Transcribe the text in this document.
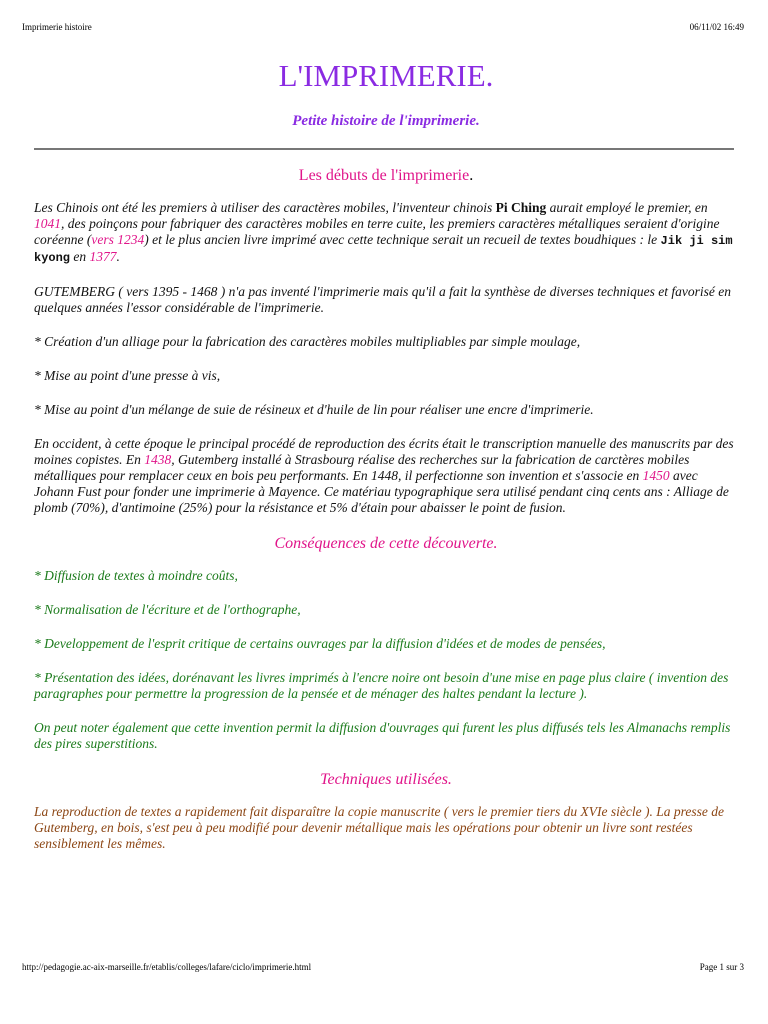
Imprimerie histoire	06/11/02 16:49
L'IMPRIMERIE.
Petite histoire de l'imprimerie.
Les débuts de l'imprimerie.

Les Chinois ont été les premiers à utiliser des caractères mobiles, l'inventeur chinois Pi Ching aurait employé le premier, en 1041, des poinçons pour fabriquer des caractères mobiles en terre cuite, les premiers caractères métalliques seraient d'origine coréenne (vers 1234) et le plus ancien livre imprimé avec cette technique serait un recueil de textes boudhiques : le Jik ji sim kyong en 1377.

GUTEMBERG ( vers 1395 - 1468 ) n'a pas inventé l'imprimerie mais qu'il a fait la synthèse de diverses techniques et favorisé en quelques années l'essor considérable de l'imprimerie.

* Création d'un alliage pour la fabrication des caractères mobiles multipliables par simple moulage,

* Mise au point d'une presse à vis,

* Mise au point d'un mélange de suie de résineux et d'huile de lin pour réaliser une encre d'imprimerie.

En occident, à cette époque le principal procédé de reproduction des écrits était le transcription manuelle des manuscrits par des moines copistes. En 1438, Gutemberg installé à Strasbourg réalise des recherches sur la fabrication de carctères mobiles métalliques pour remplacer ceux en bois peu performants. En 1448, il perfectionne son invention et s'associe en 1450 avec Johann Fust pour fonder une imprimerie à Mayence. Ce matériau typographique sera utilisé pendant cinq cents ans : Alliage de plomb (70%), d'antimoine (25%) pour la résistance et 5% d'étain pour abaisser le point de fusion.

Conséquences de cette découverte.

* Diffusion de textes à moindre coûts,

* Normalisation de l'écriture et de l'orthographe,

* Developpement de l'esprit critique de certains ouvrages par la diffusion d'idées et de modes de pensées,

* Présentation des idées, dorénavant les livres imprimés à l'encre noire ont besoin d'une mise en page plus claire ( invention des paragraphes pour permettre la progression de la pensée et de ménager des haltes pendant la lecture ).

On peut noter également que cette invention permit la diffusion d'ouvrages qui furent les plus diffusés tels les Almanachs remplis des pires superstitions.

Techniques utilisées.

La reproduction de textes a rapidement fait disparaître la copie manuscrite ( vers le premier tiers du XVIe siècle ). La presse de Gutemberg, en bois, s'est peu à peu modifié pour devenir métallique mais les opérations pour obtenir un livre sont restées sensiblement les mêmes.

http://pedagogie.ac-aix-marseille.fr/etablis/colleges/lafare/ciclo/imprimerie.html	Page 1 sur 3
